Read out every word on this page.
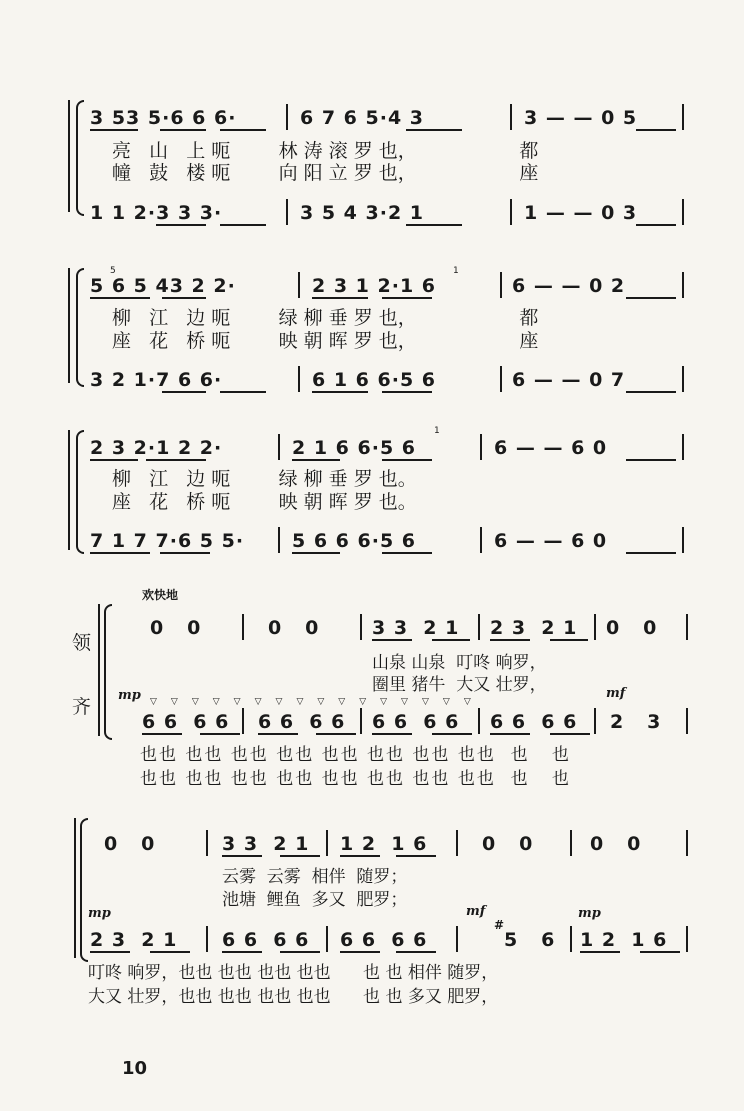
3 53 5·6 6 6·	6 7 6 5·4 3	3 — — 0 5
亮   山   上 呃        林 涛 滚 罗 也，                 都
幢   鼓   楼 呃        向 阳 立 罗 也，                 座
1 1 2·3 3 3·	3 5 4 3·2 1	1 — — 0 3
5	1
5 6 5 43 2 2·	2 3 1 2·1 6	6 — — 0 2
柳   江   边 呃        绿 柳 垂 罗 也，                 都
座   花   桥 呃        映 朝 晖 罗 也，                 座
3 2 1·7 6 6·	6 1 6 6·5 6	6 — — 0 7
1
2 3 2·1 2 2·	2 1 6 6·5 6	6 — — 6 0
柳   江   边 呃        绿 柳 垂 罗 也。
座   花   桥 呃        映 朝 晖 罗 也。
7 1 7 7·6 5 5·	5 6 6 6·5 6	6 — — 6 0
欢快地
领
齐
0   0	0   0	3 3  2 1 2 3  2 1 0   0
山泉 山泉  叮咚 响罗，
圈里 猪牛  大又 壮罗，
mp	mf
▽▽▽▽▽▽▽▽▽▽▽▽▽▽▽▽
6 6  6 6 6 6  6 6 6 6  6 6 6 6  6 6 2   3
也也 也也 也也 也也 也也 也也 也也 也也  也   也
也也 也也 也也 也也 也也 也也 也也 也也  也   也
0   0	3 3  2 1 1 2  1 6	0   0	0   0
云雾  云雾  相伴  随罗；
池塘  鲤鱼  多又  肥罗；
mp	mf	mp
#
2 3  2 1 6 6  6 6 6 6  6 6	5   6 1 2  1 6
叮咚 响罗，也也 也也 也也 也也      也 也 相伴 随罗，
大又 壮罗，也也 也也 也也 也也      也 也 多又 肥罗，
10
